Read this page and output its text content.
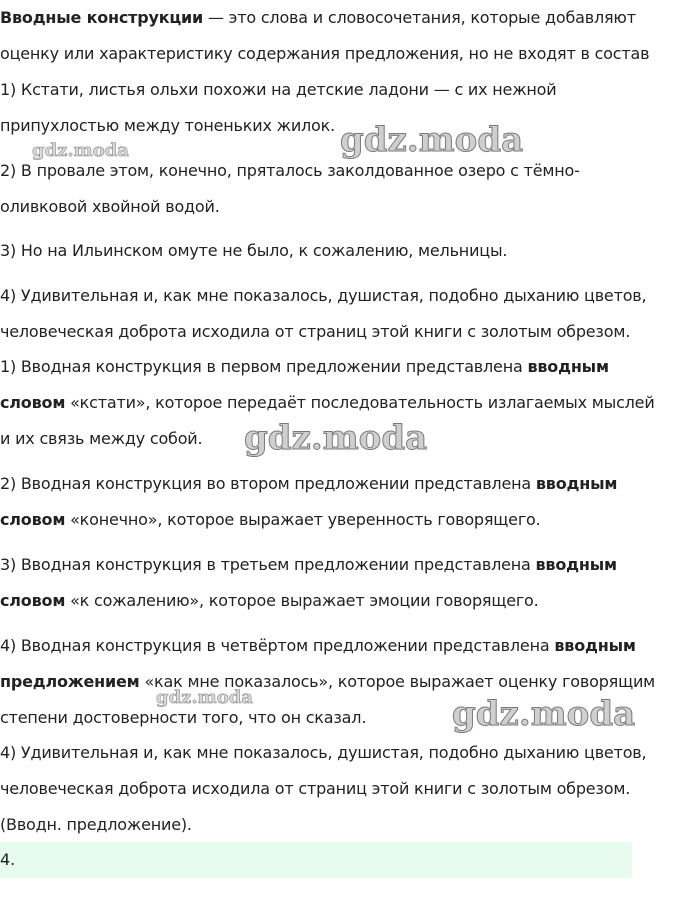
Вводные конструкции — это слова и словосочетания, которые добавляют
оценку или характеристику содержания предложения, но не входят в состав
1) Кстати, листья ольхи похожи на детские ладони — с их нежной
припухлостью между тоненьких жилок.
2) В провале этом, конечно, пряталось заколдованное озеро с тёмно-
оливковой хвойной водой.
3) Но на Ильинском омуте не было, к сожалению, мельницы.
4) Удивительная и, как мне показалось, душистая, подобно дыханию цветов,
человеческая доброта исходила от страниц этой книги с золотым обрезом.
1) Вводная конструкция в первом предложении представлена вводным
словом «кстати», которое передаёт последовательность излагаемых мыслей
и их связь между собой.
2) Вводная конструкция во втором предложении представлена вводным
словом «конечно», которое выражает уверенность говорящего.
3) Вводная конструкция в третьем предложении представлена вводным
словом «к сожалению», которое выражает эмоции говорящего.
4) Вводная конструкция в четвёртом предложении представлена вводным
предложением «как мне показалось», которое выражает оценку говорящим
степени достоверности того, что он сказал.
4) Удивительная и, как мне показалось, душистая, подобно дыханию цветов,
человеческая доброта исходила от страниц этой книги с золотым обрезом.
(Вводн. предложение).
4.
gdz.moda
gdz.moda
gdz.moda
gdz.moda	gdz.moda
